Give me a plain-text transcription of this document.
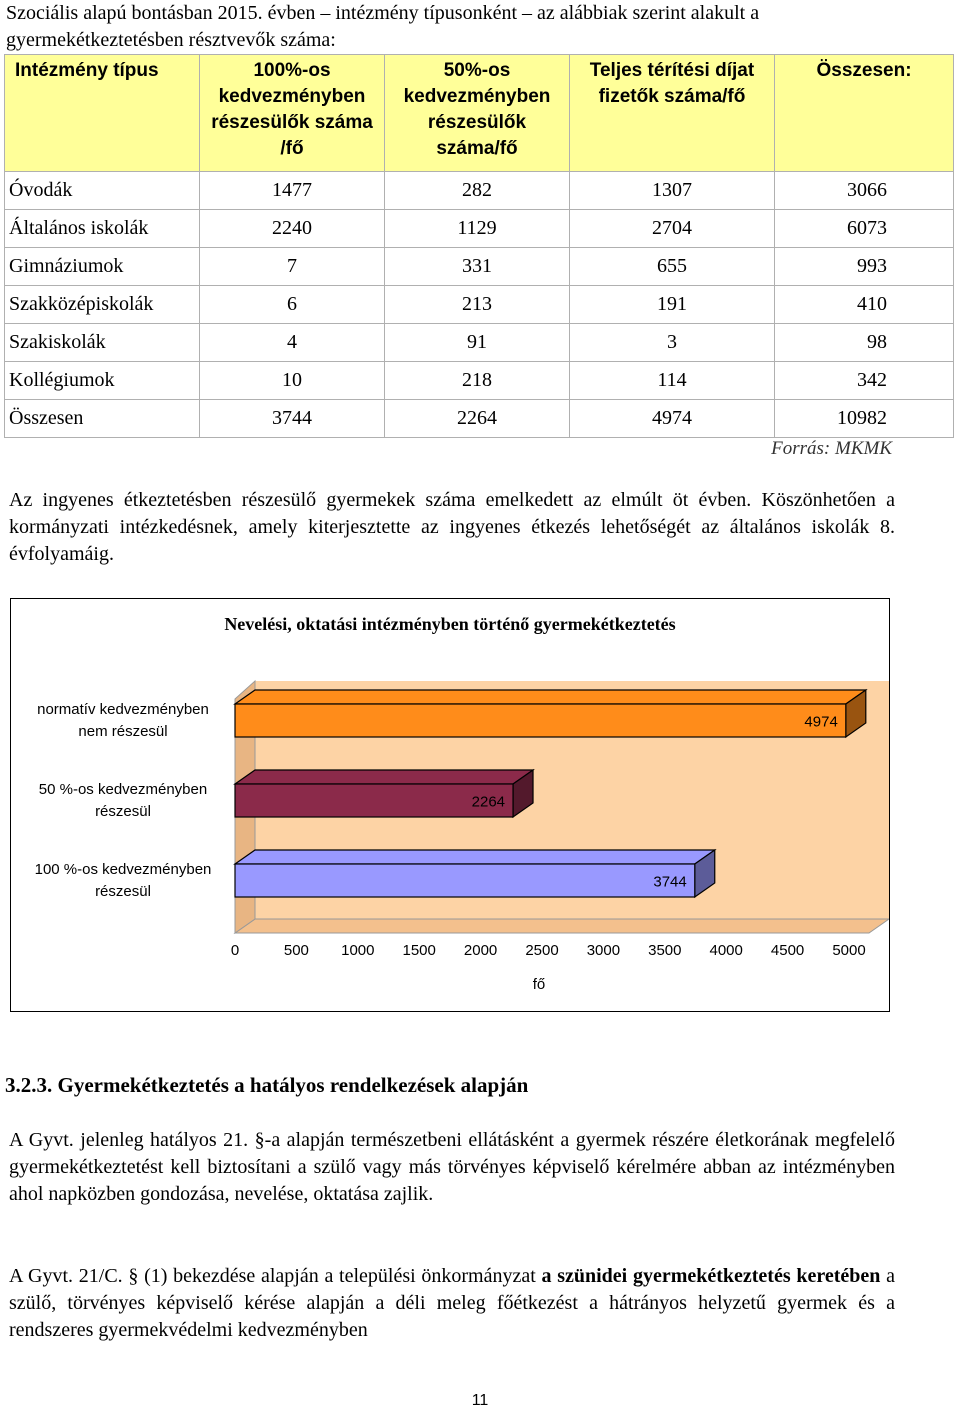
Szociális alapú bontásban 2015. évben – intézmény típusonként – az alábbiak szerint alakult a gyermekétkeztetésben résztvevők száma:
Intézmény típus	100%-os kedvezményben részesülők száma /fő	50%-os kedvezményben részesülők száma/fő	Teljes térítési díjat fizetők száma/fő	Összesen:
Óvodák	1477	282	1307	3066
Általános iskolák	2240	1129	2704	6073
Gimnáziumok	7	331	655	993
Szakközépiskolák	6	213	191	410
Szakiskolák	4	91	3	98
Kollégiumok	10	218	114	342
Összesen	3744	2264	4974	10982
Forrás: MKMK
Az ingyenes étkeztetésben részesülő gyermekek száma emelkedett az elmúlt öt évben. Köszönhetően a kormányzati intézkedésnek, amely kiterjesztette az ingyenes étkezés lehetőségét az általános iskolák 8. évfolyamáig.
Nevelési, oktatási intézményben történő gyermekétkeztetés
4974
2264
3744
normatív kedvezményben nem részesül
50 %-os kedvezményben részesül
100 %-os kedvezményben részesül
0	500 1000 1500 2000 2500 3000 3500 4000 4500 5000
fő
3.2.3. Gyermekétkeztetés a hatályos rendelkezések alapján
A Gyvt. jelenleg hatályos 21. §-a alapján természetbeni ellátásként a gyermek részére életkorának megfelelő gyermekétkeztetést kell biztosítani a szülő vagy más törvényes képviselő kérelmére abban az intézményben ahol napközben gondozása, nevelése, oktatása zajlik.
A Gyvt. 21/C. § (1) bekezdése alapján a települési önkormányzat a szünidei gyermekétkeztetés keretében a szülő, törvényes képviselő kérése alapján a déli meleg főétkezést a hátrányos helyzetű gyermek és a rendszeres gyermekvédelmi kedvezményben
11
